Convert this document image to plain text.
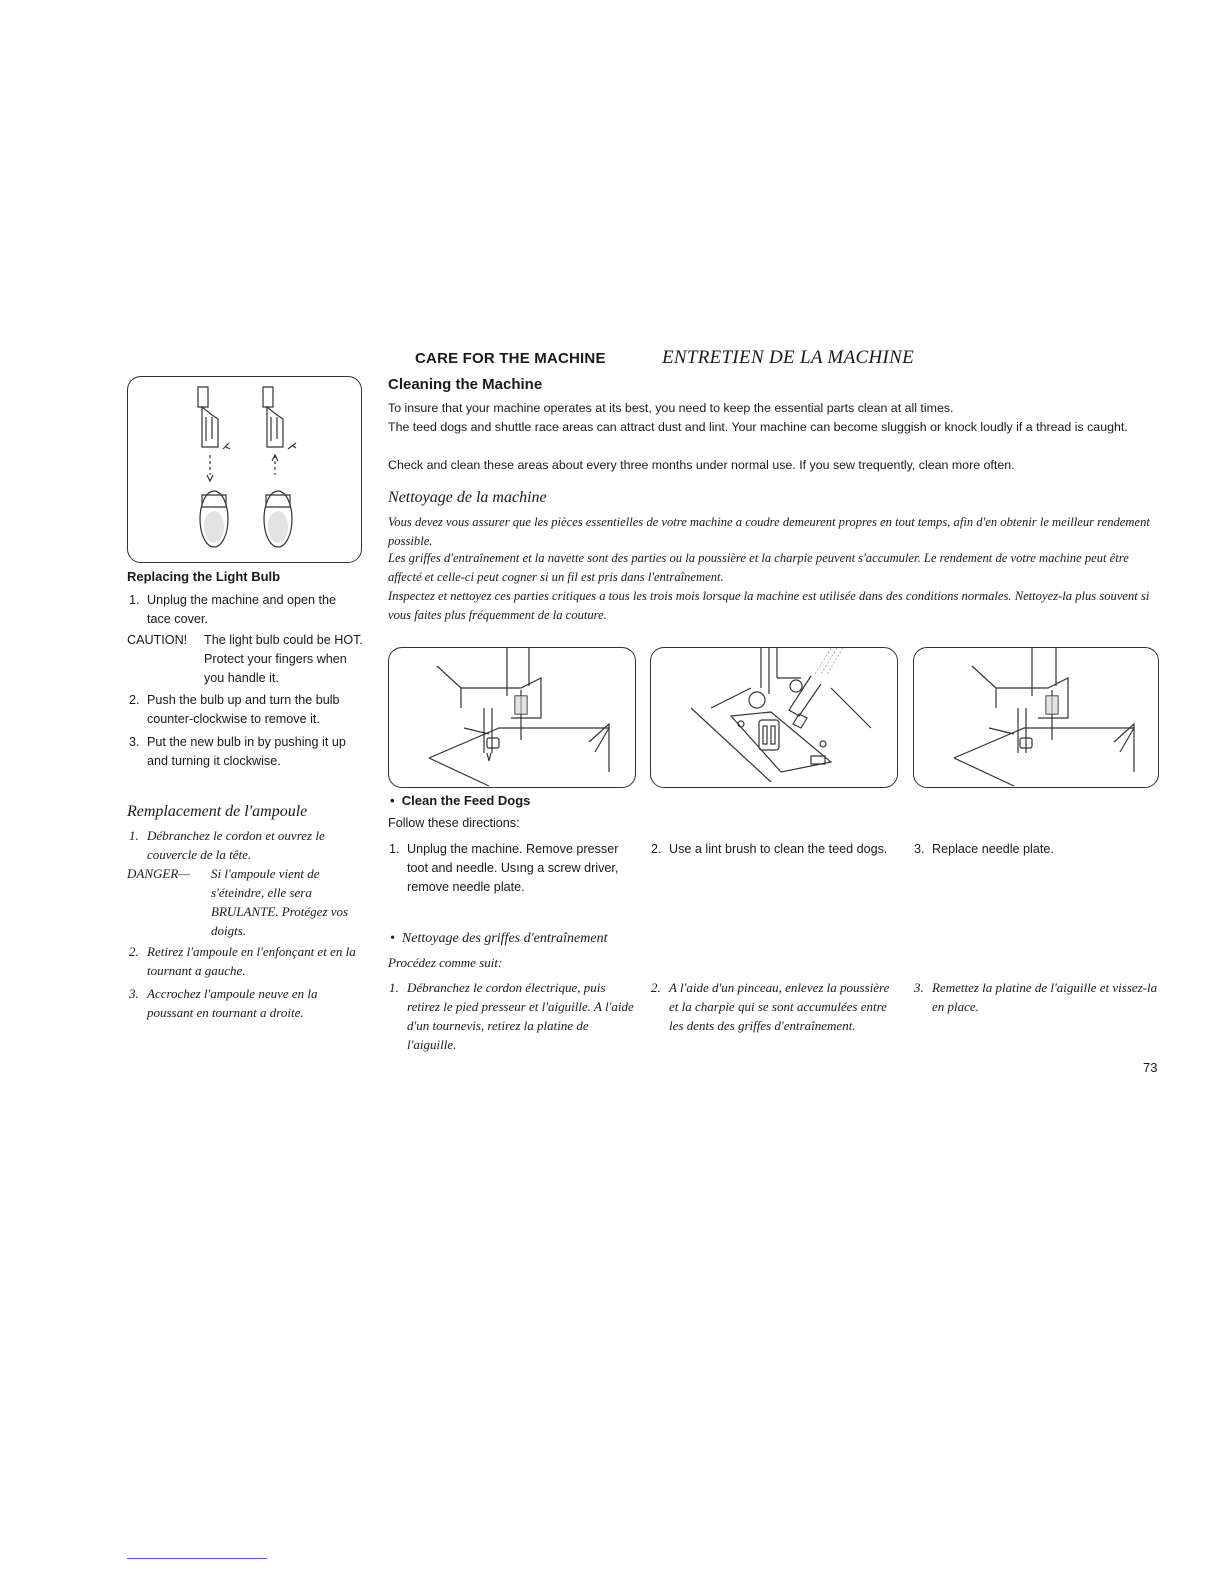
CARE FOR THE MACHINE	ENTRETIEN DE LA MACHINE
Cleaning the Machine
To insure that your machine operates at its best, you need to keep the essential parts clean at all times.
The teed dogs and shuttle race areas can attract dust and lint. Your machine can become sluggish or knock loudly if a thread is caught.
Check and clean these areas about every three months under normal use. If you sew trequently, clean more often.
Nettoyage de la machine
Vous devez vous assurer que les pièces essentielles de votre machine a coudre demeurent propres en tout temps, afin d'en obtenir le meilleur rendement possible.
Les griffes d'entraînement et la navette sont des parties ou la poussière et la charpie peuvent s'accumuler. Le rendement de votre machine peut être affecté et celle-ci peut cogner si un fil est pris dans l'entraînement.
Inspectez et nettoyez ces parties critiques a tous les trois mois lorsque la machine est utilisée dans des conditions normales. Nettoyez-la plus souvent si vous faites plus fréquemment de la couture.
Replacing the Light Bulb
1. Unplug the machine and open the tace cover.
CAUTION!	The light bulb could be HOT. Protect your fingers when you handle it.
2. Push the bulb up and turn the bulb counter-clockwise to remove it.
3. Put the new bulb in by pushing it up and turning it clockwise.
Remplacement de l'ampoule
1. Débranchez le cordon et ouvrez le couvercle de la tête.
DANGER—	Si l'ampoule vient de s'éteindre, elle sera BRULANTE. Protégez vos doigts.
2. Retirez l'ampoule en l'enfonçant et en la tournant a gauche.
3. Accrochez l'ampoule neuve en la poussant en tournant a droite.
• Clean the Feed Dogs
Follow these directions:
1. Unplug the machine. Remove presser toot and needle. Usıng a screw driver, remove needle plate.
2. Use a lint brush to clean the teed dogs.	3. Replace needle plate.
• Nettoyage des griffes d'entraînement
Procédez comme suit:
1. Débranchez le cordon électrique, puis retirez le pied presseur et l'aiguille. A l'aide d'un tournevis, retirez la platine de l'aiguille.
2. A l'aide d'un pinceau, enlevez la poussière et la charpie qui se sont accumulées entre les dents des griffes d'entraînement.
3. Remettez la platine de l'aiguille et vissez-la en place.
73
